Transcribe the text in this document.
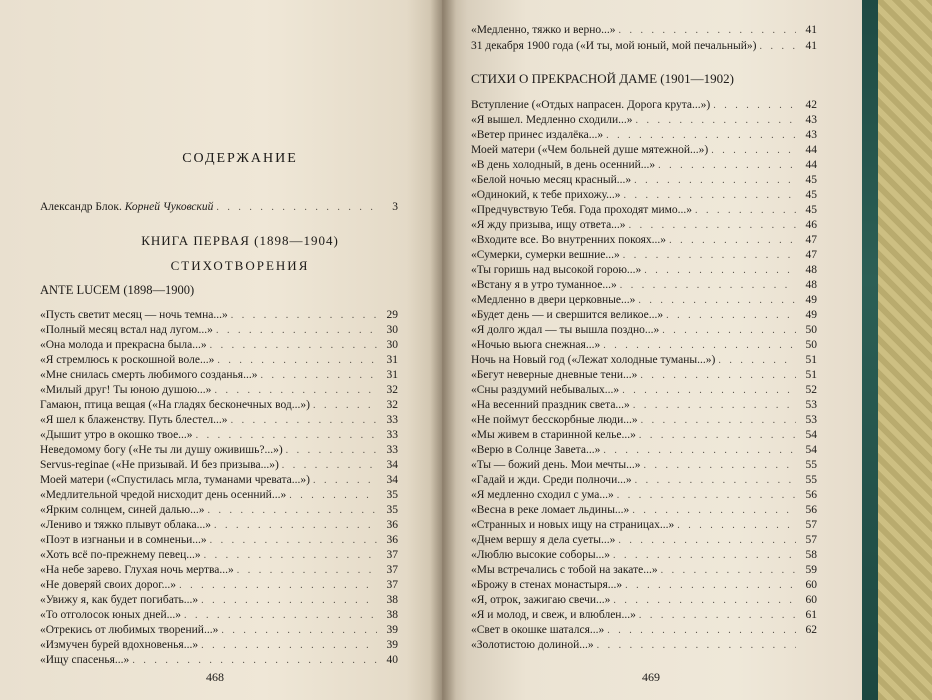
СОДЕРЖАНИЕ
Александр Блок. Корней Чуковский . . .	3
КНИГА ПЕРВАЯ (1898—1904)
СТИХОТВОРЕНИЯ
ANTE LUCEM (1898—1900)
«Пусть светит месяц — ночь темна...» . . .	29
«Полный месяц встал над лугом...» . . .	30
«Она молода и прекрасна была...» . . .	30
«Я стремлюсь к роскошной воле...» . . .	31
«Мне снилась смерть любимого созданья...» . . .	31
«Милый друг! Ты юною душою...» . . .	32
Гамаюн, птица вещая («На гладях бесконечных вод...») . . .	32
«Я шел к блаженству. Путь блестел...» . . .	33
«Дышит утро в окошко твое...» . . .	33
Неведомому богу («Не ты ли душу оживишь?...») . . .	33
Servus-reginae («Не призывай. И без призыва...») . . .	34
Моей матери («Спустилась мгла, туманами чревата...») . . .	34
«Медлительной чредой нисходит день осенний...» . . .	35
«Ярким солнцем, синей далью...» . . .	35
«Лениво и тяжко плывут облака...» . . .	36
«Поэт в изгнаньи и в сомненьи...» . . .	36
«Хоть всё по-прежнему певец...» . . .	37
«На небе зарево. Глухая ночь мертва...» . . .	37
«Не доверяй своих дорог...» . . .	37
«Увижу я, как будет погибать...» . . .	38
«То отголосок юных дней...» . . .	38
«Отрекись от любимых творений...» . . .	39
«Измучен бурей вдохновенья...» . . .	39
«Ищу спасенья...» . . .	40
468
«Медленно, тяжко и верно...» . . .	41
31 декабря 1900 года («И ты, мой юный, мой печальный») . . .	41
СТИХИ О ПРЕКРАСНОЙ ДАМЕ (1901—1902)
Вступление («Отдых напрасен. Дорога крута...») . . .	42
«Я вышел. Медленно сходили...» . . .	43
«Ветер принес издалёка...» . . .	43
Моей матери («Чем больней душе мятежной...») . . .	44
«В день холодный, в день осенний...» . . .	44
«Белой ночью месяц красный...» . . .	45
«Одинокий, к тебе прихожу...» . . .	45
«Предчувствую Тебя. Года проходят мимо...» . . .	45
«Я жду призыва, ищу ответа...» . . .	46
«Входите все. Во внутренних покоях...» . . .	47
«Сумерки, сумерки вешние...» . . .	47
«Ты горишь над высокой горою...» . . .	48
«Встану я в утро туманное...» . . .	48
«Медленно в двери церковные...» . . .	49
«Будет день — и свершится великое...» . . .	49
«Я долго ждал — ты вышла поздно...» . . .	50
«Ночью вьюга снежная...» . . .	50
Ночь на Новый год («Лежат холодные туманы...») . . .	51
«Бегут неверные дневные тени...» . . .	51
«Сны раздумий небывалых...» . . .	52
«На весенний праздник света...» . . .	53
«Не поймут бесскорбные люди...» . . .	53
«Мы живем в старинной келье...» . . .	54
«Верю в Солнце Завета...» . . .	54
«Ты — божий день. Мои мечты...» . . .	55
«Гадай и жди. Среди полночи...» . . .	55
«Я медленно сходил с ума...» . . .	56
«Весна в реке ломает льдины...» . . .	56
«Странных и новых ищу на страницах...» . . .	57
«Днем вершу я дела суеты...» . . .	57
«Люблю высокие соборы...» . . .	58
«Мы встречались с тобой на закате...» . . .	59
«Брожу в стенах монастыря...» . . .	60
«Я, отрок, зажигаю свечи...» . . .	60
«Я и молод, и свеж, и влюблен...» . . .	61
«Свет в окошке шатался...» . . .	62
«Золотистою долиной...»
. . .
469
